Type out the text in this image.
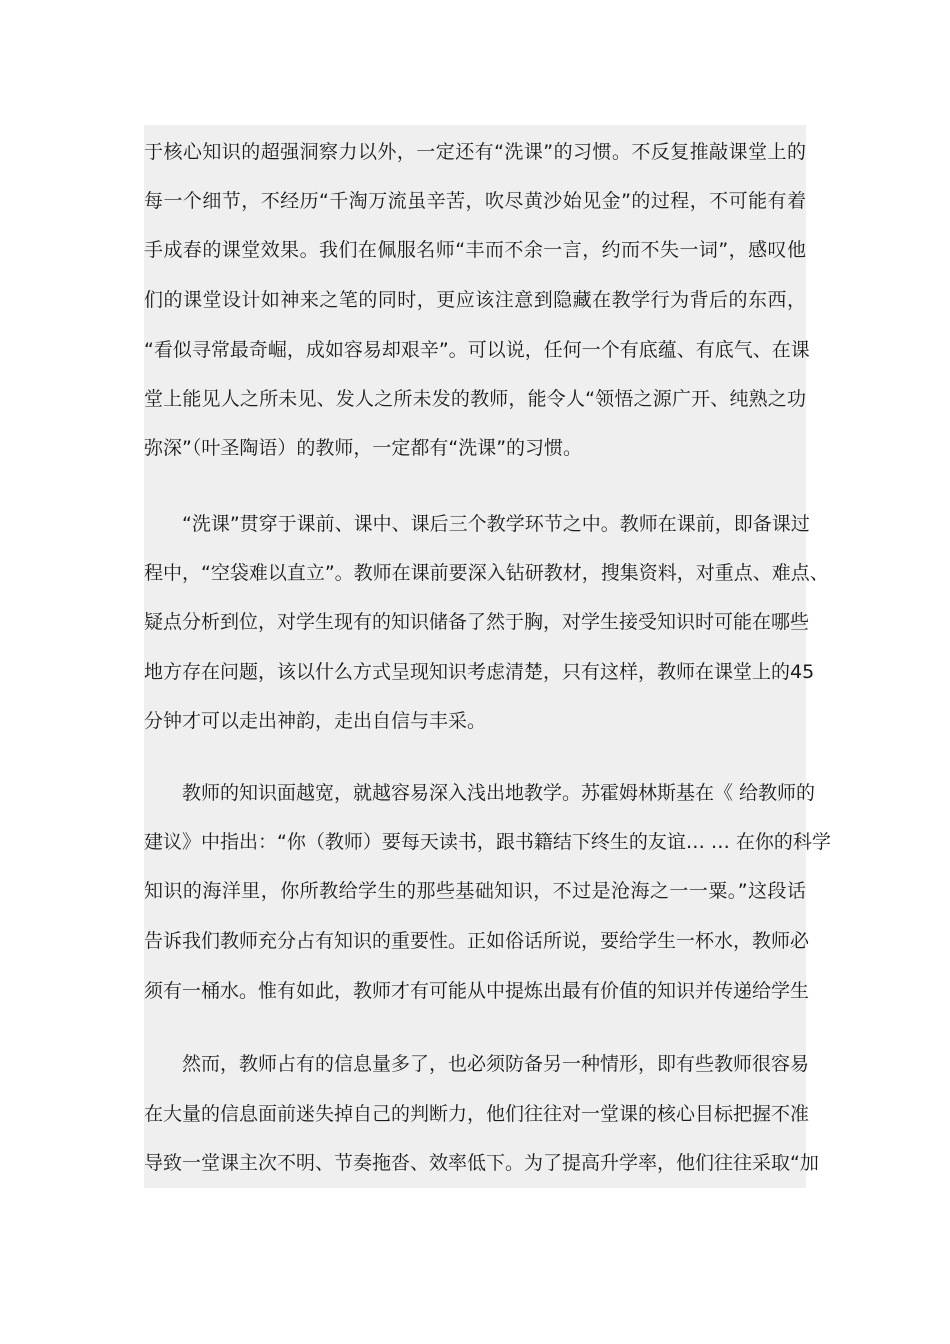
于核心知识的超强洞察力以外，一定还有“洗课”的习惯。不反复推敲课堂上的
每一个细节，不经历“千淘万流虽辛苦，吹尽黄沙始见金”的过程，不可能有着
手成春的课堂效果。我们在佩服名师“丰而不余一言，约而不失一词”，感叹他
们的课堂设计如神来之笔的同时，更应该注意到隐藏在教学行为背后的东西，
“看似寻常最奇崛，成如容易却艰辛”。可以说，任何一个有底蕴、有底气、在课
堂上能见人之所未见、发人之所未发的教师，能令人“领悟之源广开、纯熟之功
弥深”（叶圣陶语）的教师，一定都有“洗课”的习惯。
“洗课”贯穿于课前、课中、课后三个教学环节之中。教师在课前，即备课过
程中，“空袋难以直立”。教师在课前要深入钻研教材，搜集资料，对重点、难点、
疑点分析到位，对学生现有的知识储备了然于胸，对学生接受知识时可能在哪些
地方存在问题，该以什么方式呈现知识考虑清楚，只有这样，教师在课堂上的45
分钟才可以走出神韵，走出自信与丰采。
教师的知识面越宽，就越容易深入浅出地教学。苏霍姆林斯基在《 给教师的
建议》中指出：“你（教师）要每天读书，跟书籍结下终生的友谊… … 在你的科学
知识的海洋里，你所教给学生的那些基础知识，不过是沧海之一一粟。”这段话
告诉我们教师充分占有知识的重要性。正如俗话所说，要给学生一杯水，教师必
须有一桶水。惟有如此，教师才有可能从中提炼出最有价值的知识并传递给学生
然而，教师占有的信息量多了，也必须防备另一种情形，即有些教师很容易
在大量的信息面前迷失掉自己的判断力，他们往往对一堂课的核心目标把握不准
导致一堂课主次不明、节奏拖沓、效率低下。为了提高升学率，他们往往采取“加
